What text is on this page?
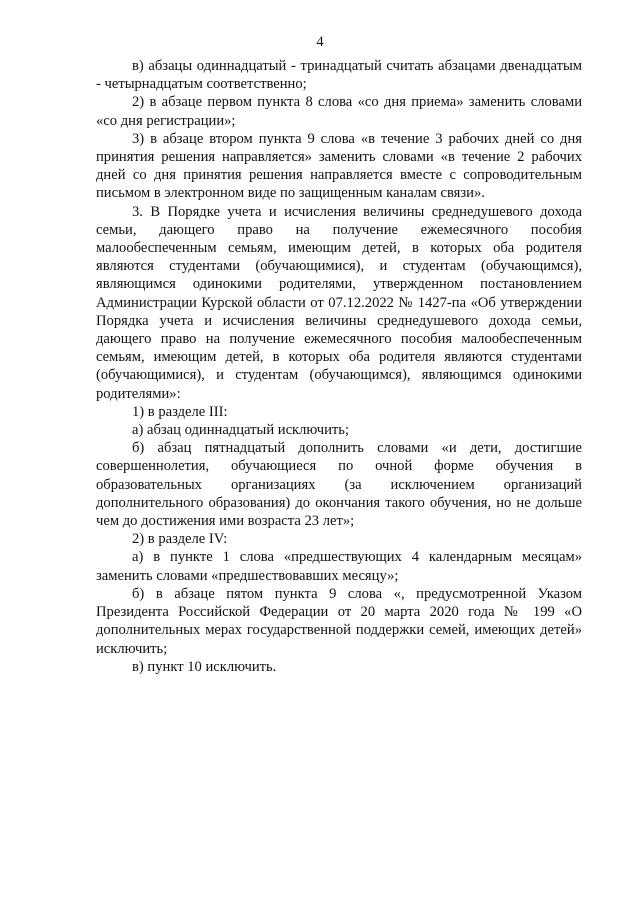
4

в) абзацы одиннадцатый - тринадцатый считать абзацами двенадцатым - четырнадцатым соответственно;

2) в абзаце первом пункта 8 слова «со дня приема» заменить словами «со дня регистрации»;

3) в абзаце втором пункта 9 слова «в течение 3 рабочих дней со дня принятия решения направляется» заменить словами «в течение 2 рабочих дней со дня принятия решения направляется вместе с сопроводительным письмом в электронном виде по защищенным каналам связи».

3. В Порядке учета и исчисления величины среднедушевого дохода семьи, дающего право на получение ежемесячного пособия малообеспеченным семьям, имеющим детей, в которых оба родителя являются студентами (обучающимися), и студентам (обучающимся), являющимся одинокими родителями, утвержденном постановлением Администрации Курской области от 07.12.2022 № 1427-па «Об утверждении Порядка учета и исчисления величины среднедушевого дохода семьи, дающего право на получение ежемесячного пособия малообеспеченным семьям, имеющим детей, в которых оба родителя являются студентами (обучающимися), и студентам (обучающимся), являющимся одинокими родителями»:

1) в разделе III:

а) абзац одиннадцатый исключить;

б) абзац пятнадцатый дополнить словами «и дети, достигшие совершеннолетия, обучающиеся по очной форме обучения в образовательных организациях (за исключением организаций дополнительного образования) до окончания такого обучения, но не дольше чем до достижения ими возраста 23 лет»;

2) в разделе IV:

а) в пункте 1 слова «предшествующих 4 календарным месяцам» заменить словами «предшествовавших месяцу»;

б) в абзаце пятом пункта 9 слова «, предусмотренной Указом Президента Российской Федерации от 20 марта 2020 года № 199 «О дополнительных мерах государственной поддержки семей, имеющих детей» исключить;

в) пункт 10 исключить.
